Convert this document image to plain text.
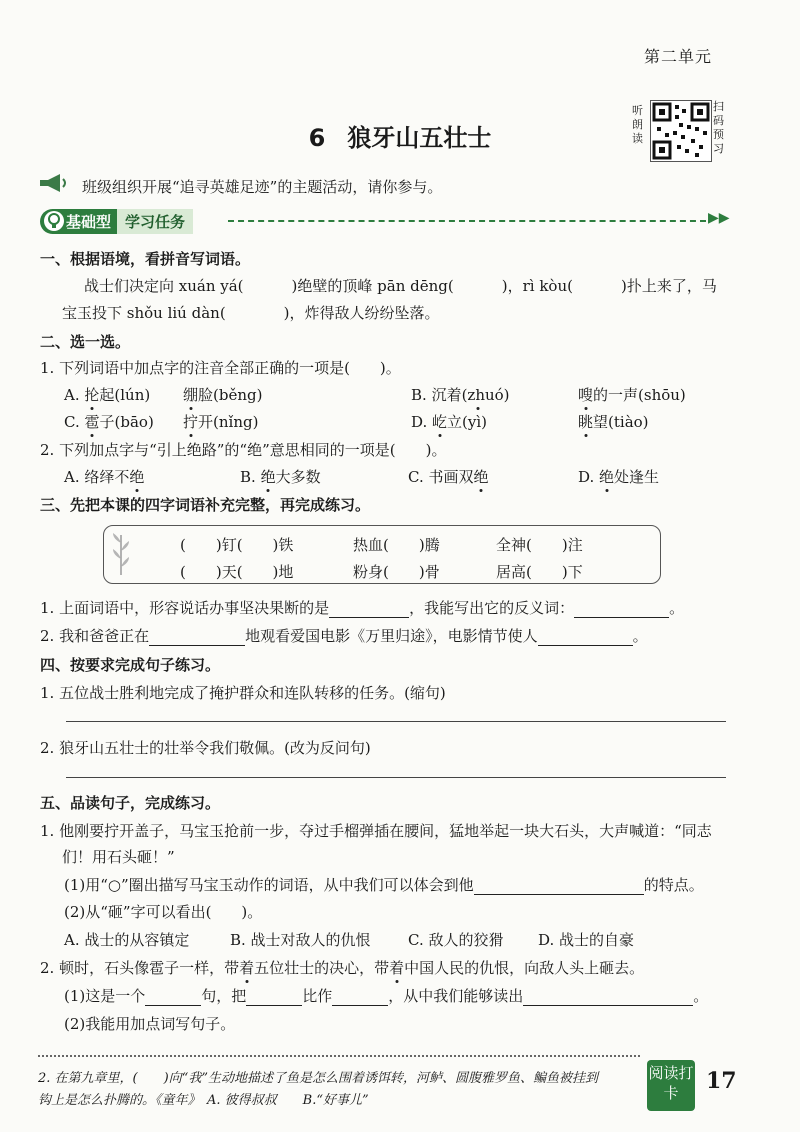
第二单元
6 狼牙山五壮士
听朗读
扫码预习
班级组织开展“追寻英雄足迹”的主题活动，请你参与。
基础型 学习任务	▶▶
一、根据语境，看拼音写词语。
战士们决定向 xuán yá(	)绝壁的顶峰 pān dēng(	)，rì kòu(	)扑上来了，马
宝玉投下 shǒu liú dàn(	)，炸得敌人纷纷坠落。
二、选一选。
1. 下列词语中加点字的注音全部正确的一项是(　　)。
A. 抡起(lún) 绷脸(běng)	B. 沉着(zhuó)	嗖的一声(shōu)
C. 雹子(bāo) 拧开(nǐng)	D. 屹立(yì)	眺望(tiào)
2. 下列加点字与“引上绝路”的“绝”意思相同的一项是(　　)。
A. 络绎不绝	B. 绝大多数	C. 书画双绝	D. 绝处逢生
三、先把本课的四字词语补充完整，再完成练习。
(　　)钉(　　)铁	热血(　　)腾	全神(　　)注
(　　)天(　　)地	粉身(　　)骨	居高(　　)下
1. 上面词语中，形容说话办事坚决果断的是	，我能写出它的反义词：	。
2. 我和爸爸正在	地观看爱国电影《万里归途》，电影情节使人	。
四、按要求完成句子练习。
1. 五位战士胜利地完成了掩护群众和连队转移的任务。(缩句)
2. 狼牙山五壮士的壮举令我们敬佩。(改为反问句)
五、品读句子，完成练习。
1. 他刚要拧开盖子，马宝玉抢前一步，夺过手榴弹插在腰间，猛地举起一块大石头，大声喊道：“同志
们！用石头砸！”
(1)用“○”圈出描写马宝玉动作的词语，从中我们可以体会到他	的特点。
(2)从“砸”字可以看出(　　)。
A. 战士的从容镇定	B. 战士对敌人的仇恨 C. 敌人的狡猾 D. 战士的自豪
2. 顿时，石头像雹子一样，带着五位壮士的决心，带着中国人民的仇恨，向敌人头上砸去。
(1)这是一个	句，把	比作	，从中我们能够读出	。
(2)我能用加点词写句子。
2. 在第九章里，(　　)向“我”生动地描述了鱼是怎么围着诱饵转，河鲈、圆腹雅罗鱼、鳊鱼被挂到
钩上是怎么扑腾的。《童年》　A. 彼得叔叔　　B.“好事儿”
阅读打卡	17
